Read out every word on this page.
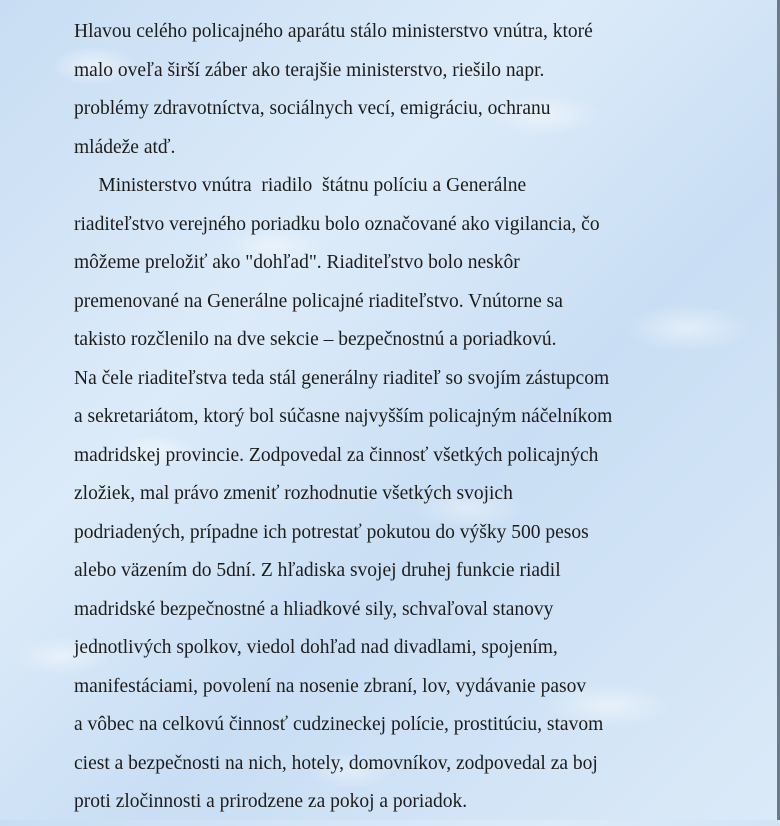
Hlavou celého policajného aparátu stálo ministerstvo vnútra, ktoré
malo oveľa širší záber ako terajšie ministerstvo, riešilo napr.
problémy zdravotníctva, sociálnych vecí, emigráciu, ochranu
mládeže atď.
Ministerstvo vnútra  riadilo  štátnu políciu a Generálne
riaditeľstvo verejného poriadku bolo označované ako vigilancia, čo
môžeme preložiť ako "dohľad". Riaditeľstvo bolo neskôr
premenované na Generálne policajné riaditeľstvo. Vnútorne sa
takisto rozčlenilo na dve sekcie – bezpečnostnú a poriadkovú.
Na čele riaditeľstva teda stál generálny riaditeľ so svojím zástupcom
a sekretariátom, ktorý bol súčasne najvyšším policajným náčelníkom
madridskej provincie. Zodpovedal za činnosť všetkých policajných
zložiek, mal právo zmeniť rozhodnutie všetkých svojich
podriadených, prípadne ich potrestať pokutou do výšky 500 pesos
alebo väzením do 5dní. Z hľadiska svojej druhej funkcie riadil
madridské bezpečnostné a hliadkové sily, schvaľoval stanovy
jednotlivých spolkov, viedol dohľad nad divadlami, spojením,
manifestáciami, povolení na nosenie zbraní, lov, vydávanie pasov
a vôbec na celkovú činnosť cudzineckej polície, prostitúciu, stavom
ciest a bezpečnosti na nich, hotely, domovníkov, zodpovedal za boj
proti zločinnosti a prirodzene za pokoj a poriadok.
